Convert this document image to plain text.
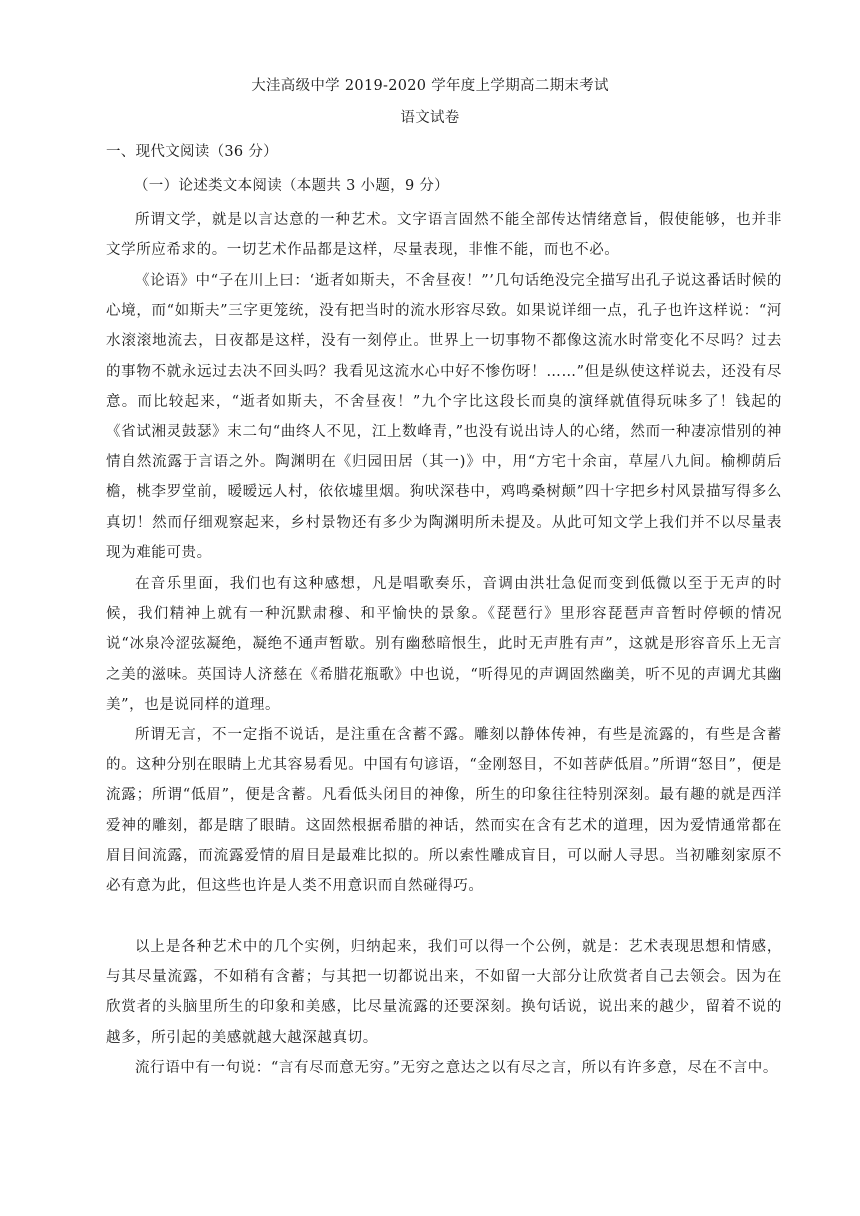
大洼高级中学 2019-2020 学年度上学期高二期末考试
语文试卷
一、现代文阅读（36 分）
（一）论述类文本阅读（本题共 3 小题，9 分）

所谓文学，就是以言达意的一种艺术。文字语言固然不能全部传达情绪意旨，假使能够，也并非文学所应希求的。一切艺术作品都是这样，尽量表现，非惟不能，而也不必。

《论语》中“子在川上曰：‘逝者如斯夫，不舍昼夜！”’几句话绝没完全描写出孔子说这番话时候的心境，而“如斯夫”三字更笼统，没有把当时的流水形容尽致。如果说详细一点，孔子也许这样说：“河水滚滚地流去，日夜都是这样，没有一刻停止。世界上一切事物不都像这流水时常变化不尽吗？过去的事物不就永远过去决不回头吗？我看见这流水心中好不惨伤呀！……”但是纵使这样说去，还没有尽意。而比较起来，“逝者如斯夫，不舍昼夜！”九个字比这段长而臭的演绎就值得玩味多了！钱起的《省试湘灵鼓瑟》末二句“曲终人不见，江上数峰青，”也没有说出诗人的心绪，然而一种凄凉惜别的神情自然流露于言语之外。陶渊明在《归园田居（其一)》中，用“方宅十余亩，草屋八九间。榆柳荫后檐，桃李罗堂前，暧暧远人村，依依墟里烟。狗吠深巷中，鸡鸣桑树颠”四十字把乡村风景描写得多么真切！然而仔细观察起来，乡村景物还有多少为陶渊明所未提及。从此可知文学上我们并不以尽量表现为难能可贵。

在音乐里面，我们也有这种感想，凡是唱歌奏乐，音调由洪壮急促而变到低微以至于无声的时候，我们精神上就有一种沉默肃穆、和平愉快的景象。《琵琶行》里形容琵琶声音暂时停顿的情况说“冰泉冷涩弦凝绝，凝绝不通声暂歇。别有幽愁暗恨生，此时无声胜有声”，这就是形容音乐上无言之美的滋味。英国诗人济慈在《希腊花瓶歌》中也说，“听得见的声调固然幽美，听不见的声调尤其幽美”，也是说同样的道理。

所谓无言，不一定指不说话，是注重在含蓄不露。雕刻以静体传神，有些是流露的，有些是含蓄的。这种分别在眼睛上尤其容易看见。中国有句谚语，“金刚怒目，不如菩萨低眉。”所谓“怒目”，便是流露；所谓“低眉”，便是含蓄。凡看低头闭目的神像，所生的印象往往特别深刻。最有趣的就是西洋爱神的雕刻，都是瞎了眼睛。这固然根据希腊的神话，然而实在含有艺术的道理，因为爱情通常都在眉目间流露，而流露爱情的眉目是最难比拟的。所以索性雕成盲目，可以耐人寻思。当初雕刻家原不必有意为此，但这些也许是人类不用意识而自然碰得巧。

以上是各种艺术中的几个实例，归纳起来，我们可以得一个公例，就是：艺术表现思想和情感，与其尽量流露，不如稍有含蓄；与其把一切都说出来，不如留一大部分让欣赏者自己去领会。因为在欣赏者的头脑里所生的印象和美感，比尽量流露的还要深刻。换句话说，说出来的越少，留着不说的越多，所引起的美感就越大越深越真切。

流行语中有一句说：“言有尽而意无穷。”无穷之意达之以有尽之言，所以有许多意，尽在不言中。
